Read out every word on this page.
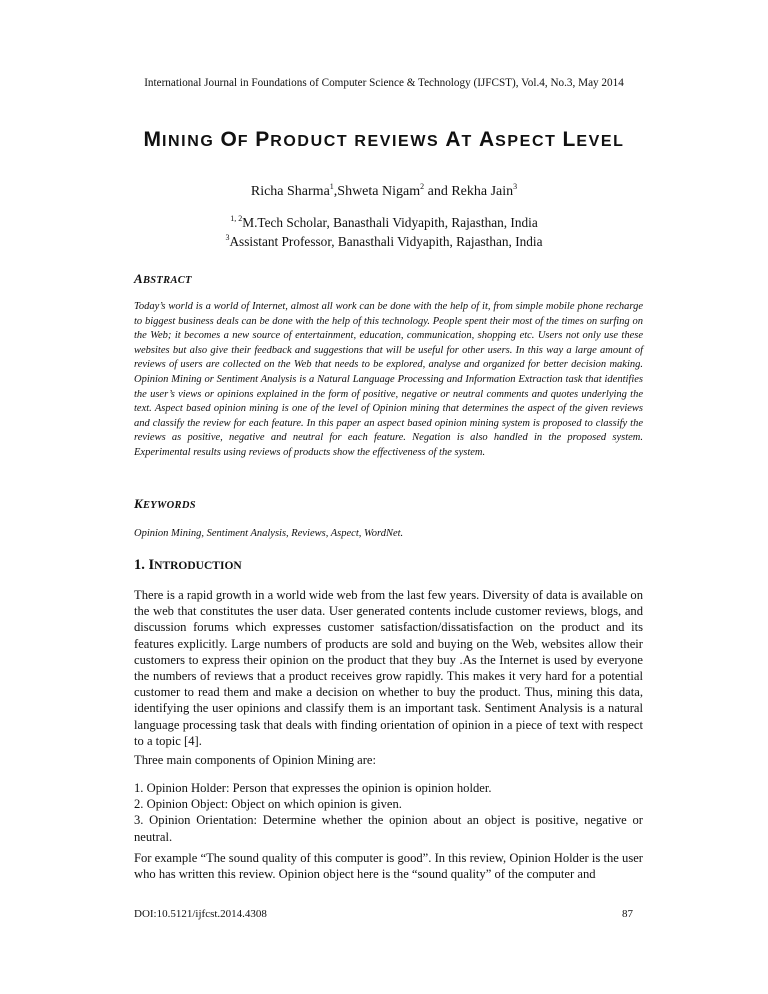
International Journal in Foundations of Computer Science & Technology (IJFCST), Vol.4, No.3, May 2014
MINING OF PRODUCT REVIEWS AT ASPECT LEVEL
Richa Sharma$^1$,Shweta Nigam$^2$ and Rekha Jain$^3$
$^{1, 2}$M.Tech Scholar, Banasthali Vidyapith, Rajasthan, India
$^3$Assistant Professor, Banasthali Vidyapith, Rajasthan, India
ABSTRACT
Today’s world is a world of Internet, almost all work can be done with the help of it, from simple mobile phone recharge to biggest business deals can be done with the help of this technology. People spent their most of the times on surfing on the Web; it becomes a new source of entertainment, education, communication, shopping etc. Users not only use these websites but also give their feedback and suggestions that will be useful for other users. In this way a large amount of reviews of users are collected on the Web that needs to be explored, analyse and organized for better decision making. Opinion Mining or Sentiment Analysis is a Natural Language Processing and Information Extraction task that identifies the user’s views or opinions explained in the form of positive, negative or neutral comments and quotes underlying the text. Aspect based opinion mining is one of the level of Opinion mining that determines the aspect of the given reviews and classify the review for each feature. In this paper an aspect based opinion mining system is proposed to classify the reviews as positive, negative and neutral for each feature. Negation is also handled in the proposed system. Experimental results using reviews of products show the effectiveness of the system.
KEYWORDS
Opinion Mining, Sentiment Analysis, Reviews, Aspect, WordNet.
1. INTRODUCTION

There is a rapid growth in a world wide web from the last few years. Diversity of data is available on the web that constitutes the user data. User generated contents include customer reviews, blogs, and discussion forums which expresses customer satisfaction/dissatisfaction on the product and its features explicitly. Large numbers of products are sold and buying on the Web, websites allow their customers to express their opinion on the product that they buy .As the Internet is used by everyone the numbers of reviews that a product receives grow rapidly. This makes it very hard for a potential customer to read them and make a decision on whether to buy the product. Thus, mining this data, identifying the user opinions and classify them is an important task. Sentiment Analysis is a natural language processing task that deals with finding orientation of opinion in a piece of text with respect to a topic [4].

Three main components of Opinion Mining are:

1. Opinion Holder: Person that expresses the opinion is opinion holder.
2. Opinion Object: Object on which opinion is given.
3. Opinion Orientation: Determine whether the opinion about an object is positive, negative or neutral.

For example “The sound quality of this computer is good”. In this review, Opinion Holder is the user who has written this review. Opinion object here is the “sound quality” of the computer and

DOI:10.5121/ijfcst.2014.4308	87
